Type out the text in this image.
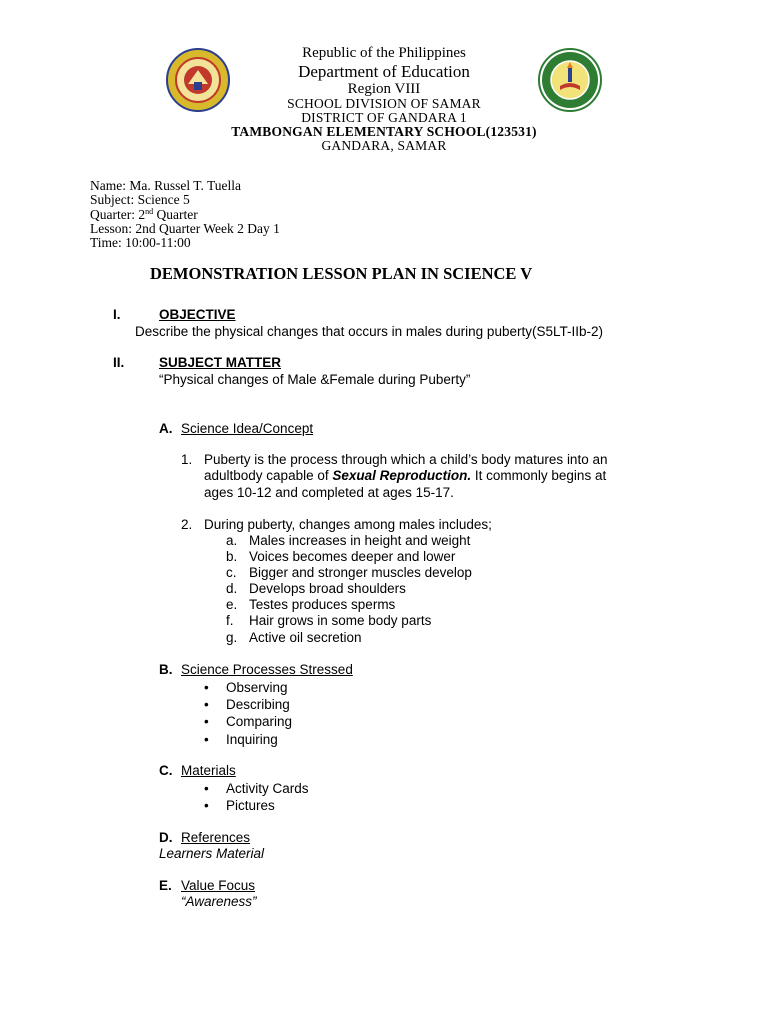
Republic of the Philippines
Department of Education
Region VIII
SCHOOL DIVISION OF SAMAR
DISTRICT OF GANDARA 1
TAMBONGAN ELEMENTARY SCHOOL(123531)
GANDARA, SAMAR
Name: Ma. Russel T. Tuella
Subject: Science 5
Quarter: 2nd Quarter
Lesson: 2nd Quarter Week 2 Day 1
Time: 10:00-11:00
DEMONSTRATION LESSON PLAN IN SCIENCE V
I.	OBJECTIVE
Describe the physical changes that occurs in males during puberty(S5LT-IIb-2)
II.	SUBJECT MATTER
“Physical changes of Male &Female during Puberty”
A. Science Idea/Concept
1. Puberty is the process through which a child’s body matures into an
adultbody capable of Sexual Reproduction. It commonly begins at
ages 10-12 and completed at ages 15-17.
2. During puberty, changes among males includes;
a. Males increases in height and weight
b. Voices becomes deeper and lower
c. Bigger and stronger muscles develop
d. Develops broad shoulders
e. Testes produces sperms
f. Hair grows in some body parts
g. Active oil secretion
B. Science Processes Stressed
• Observing
• Describing
• Comparing
• Inquiring
C. Materials
• Activity Cards
• Pictures
D. References
Learners Material
E. Value Focus
“Awareness”
